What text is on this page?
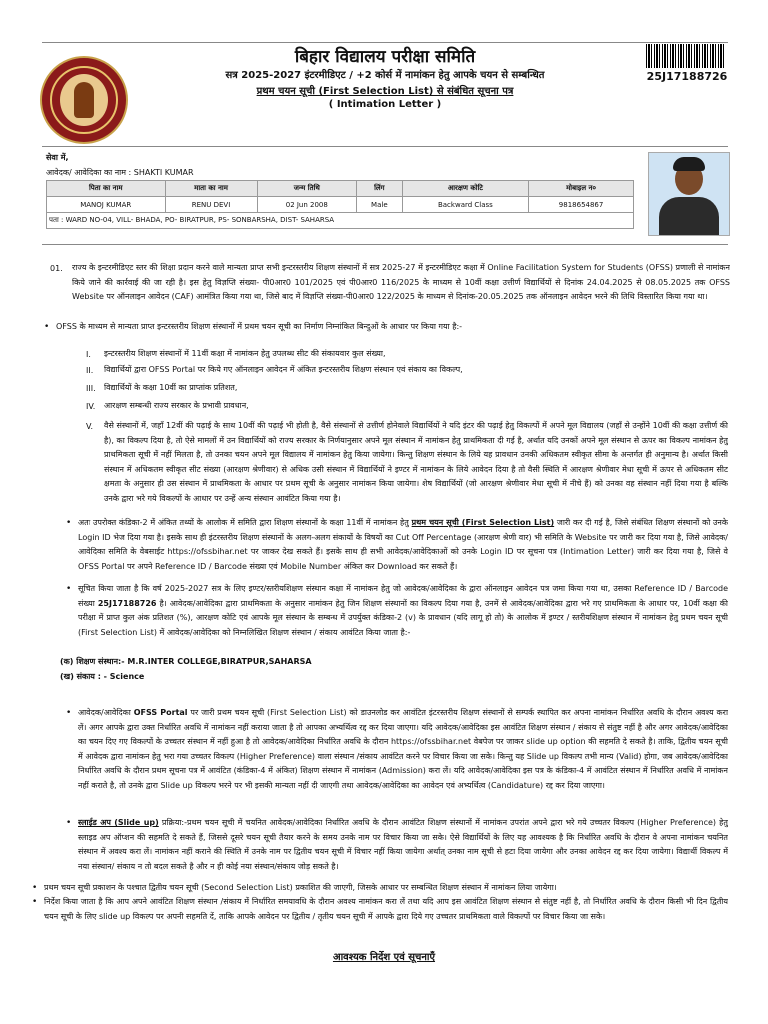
बिहार विद्यालय परीक्षा समिति
सत्र 2025-2027 इंटरमीडिएट / +2 कोर्स में नामांकन हेतु आपके चयन से सम्बन्धित
प्रथम चयन सूची (First Selection List) से संबंधित सूचना पत्र
( Intimation Letter )
25J17188726
सेवा में,
आवेदक/ आवेदिका का नाम : SHAKTI KUMAR
पिता का नाम	माता का नाम	जन्म तिथि	लिंग	आरक्षण कोटि	मोबाइल न०
MANOJ KUMAR	RENU DEVI	02 Jun 2008	Male	Backward Class	9818654867
पता : WARD NO-04, VILL- BHADA, PO- BIRATPUR, PS- SONBARSHA, DIST- SAHARSA					
01. राज्य के इन्टरमीडिएट स्तर की शिक्षा प्रदान करने वाले मान्यता प्राप्त सभी इन्टरस्तरीय शिक्षण संस्थानों में सत्र 2025-27 में इन्टरमीडिएट कक्षा में Online Facilitation System for Students (OFSS) प्रणाली से नामांकन किये जाने की कार्रवाई की जा रही है। इस हेतु विज्ञप्ति संख्या- पी0आर0 101/2025 एवं पी0आर0 116/2025 के माध्यम से 10वीं कक्षा उत्तीर्ण विद्यार्थियों से दिनांक 24.04.2025 से 08.05.2025 तक OFSS Website पर ऑनलाइन आवेदन (CAF) आमंत्रित किया गया था, जिसे बाद में विज्ञप्ति संख्या-पी0आर0 122/2025 के माध्यम से दिनांक-20.05.2025 तक ऑनलाइन आवेदन भरने की तिथि विस्तारित किया गया था।
• OFSS के माध्यम से मान्यता प्राप्त इन्टरस्तरीय शिक्षण संस्थानों में प्रथम चयन सूची का निर्माण निम्नांकित बिन्दुओं के आधार पर किया गया है:-
I. इन्टरस्तरीय शिक्षण संस्थानों में 11वीं कक्षा में नामांकन हेतु उपलब्ध सीट की संकायवार कुल संख्या,
II. विद्यार्थियों द्वारा OFSS Portal पर किये गए ऑनलाइन आवेदन में अंकित इन्टरस्तरीय शिक्षण संस्थान एवं संकाय का विकल्प,
III. विद्यार्थियों के कक्षा 10वीं का प्राप्तांक प्रतिशत,
IV. आरक्षण सम्बन्धी राज्य सरकार के प्रभावी प्रावधान,
V. वैसे संस्थानों में, जहाँ 12वीं की पढ़ाई के साथ 10वीं की पढ़ाई भी होती है, वैसे संस्थानों से उत्तीर्ण होनेवाले विद्यार्थियों ने यदि इंटर की पढ़ाई हेतु विकल्पों में अपने मूल विद्यालय (जहाँ से उन्होंने 10वीं की कक्षा उत्तीर्ण की है), का विकल्प दिया है, तो ऐसे मामलों में उन विद्यार्थियों को राज्य सरकार के निर्णयानुसार अपने मूल संस्थान में नामांकन हेतु प्राथमिकता दी गई है, अर्थात यदि उनकों अपने मूल संस्थान से ऊपर का विकल्प नामांकन हेतु प्राथमिकता सूची में नहीं मिलता है, तो उनका चयन अपने मूल विद्यालय में नामांकन हेतु किया जायेगा। किन्तु शिक्षण संस्थान के लिये यह प्रावधान उनकी अधिकतम स्वीकृत सीमा के अन्तर्गत ही अनुमान्य है। अर्थात किसी संस्थान में अधिकतम स्वीकृत सीट संख्या (आरक्षण श्रेणीवार) से अधिक उसी संस्थान में विद्यार्थियों ने इण्टर में नामांकन के लिये आवेदन दिया है तो वैसी स्थिति में आरक्षण श्रेणीवार मेधा सूची में ऊपर से अधिकतम सीट क्षमता के अनुसार ही उस संस्थान में प्राथमिकता के आधार पर प्रथम सूची के अनुसार नामांकन किया जायेगा। शेष विद्यार्थियों (जो आरक्षण श्रेणीवार मेधा सूची में नीचे हैं) को उनका वह संस्थान नहीं दिया गया है बल्कि उनके द्वारा भरे गये विकल्पों के आधार पर उन्हें अन्य संस्थान आवंटित किया गया है।
• अतः उपरोक्त कंडिका-2 में अंकित तथ्यों के आलोक में समिति द्वारा शिक्षण संस्थानों के कक्षा 11वीं में नामांकन हेतु प्रथम चयन सूची (First Selection List) जारी कर दी गई है, जिसे संबंधित शिक्षण संस्थानों को उनके Login ID भेज दिया गया है। इसके साथ ही इंटरस्तरीय शिक्षण संस्थानों के अलग-अलग संकायों के विषयों का Cut Off Percentage (आरक्षण श्रेणी वार) भी समिति के Website पर जारी कर दिया गया है, जिसे आवेदक/आवेदिका समिति के वेबसाईट https://ofssbihar.net पर जाकर देख सकते हैं। इसके साथ ही सभी आवेदक/आवेदिकाओं को उनके Login ID पर सूचना पत्र (Intimation Letter) जारी कर दिया गया है, जिसे वे OFSS Portal पर अपने Reference ID / Barcode संख्या एवं Mobile Number अंकित कर Download कर सकते हैं।
• सूचित किया जाता है कि वर्ष 2025-2027 सत्र के लिए इण्टर/स्तरीयशिक्षण संस्थान कक्षा में नामांकन हेतु जो आवेदक/आवेदिका के द्वारा ऑनलाइन आवेदन पत्र जमा किया गया था, उसका Reference ID / Barcode संख्या 25J17188726 है। आवेदक/आवेदिका द्वारा प्राथमिकता के अनुसार नामांकन हेतु जिन शिक्षण संस्थानों का विकल्प दिया गया है, उनमें से आवेदक/आवेदिका द्वारा भरे गए प्राथमिकता के आधार पर, 10वीं कक्षा की परीक्षा में प्राप्त कुल अंक प्रतिशत (%), आरक्षण कोटि एवं आपके मूल संस्थान के सम्बन्ध में उपर्युक्त कंडिका-2 (v) के प्रावधान (यदि लागू हो तो) के आलोक में इण्टर / स्तरीयशिक्षण संस्थान में नामांकन हेतु प्रथम चयन सूची (First Selection List) में आवेदक/आवेदिका को निम्नलिखित शिक्षण संस्थान / संकाय आवंटित किया जाता है:-
(क) शिक्षण संस्थान:- M.R.INTER COLLEGE,BIRATPUR,SAHARSA
(ख) संकाय : - Science
• आवेदक/आवेदिका OFSS Portal पर जारी प्रथम चयन सूची (First Selection List) को डाउनलोड कर आवंटित इंटरस्तरीय शिक्षण संस्थानों से सम्पर्क स्थापित कर अपना नामांकन निर्धारित अवधि के दौरान अवश्य करा लें। अगर आपके द्वारा उक्त निर्धारित अवधि में नामांकन नहीं कराया जाता है तो आपका अभ्यर्थित्व रद्द कर दिया जाएगा। यदि आवेदक/आवेदिका इस आवंटित शिक्षण संस्थान / संकाय से संतुष्ट नहीं है और अगर आवेदक/आवेदिका का चयन दिए गए विकल्पों के उच्चतर संस्थान में नहीं हुआ है तो आवेदक/आवेदिका निर्धारित अवधि के दौरान https://ofssbihar.net वेबपेज पर जाकर slide up option की सहमति दे सकते है। ताकि, द्वितीय चयन सूची में आवेदक द्वारा नामांकन हेतु भरा गया उच्चतर विकल्प (Higher Preference) वाला संस्थान /संकाय आवंटित करने पर विचार किया जा सके। किन्तु यह Slide up विकल्प तभी मान्य (Valid) होगा, जब आवेदक/आवेदिका निर्धारित अवधि के दौरान प्रथम सूचना पत्र में आवंटित (कंडिका-4 में अंकित) शिक्षण संस्थान में नामांकन (Admission) करा लें। यदि आवेदक/आवेदिका इस पत्र के कंडिका-4 में आवंटित संस्थान में निर्धारित अवधि में नामांकन नहीं कराते है, तो उनके द्वारा Slide up विकल्प भरने पर भी इसकी मान्यता नहीं दी जाएगी तथा आवेदक/आवेदिका का आवेदन एवं अभ्यर्थित्व (Candidature) रद्द कर दिया जाएगा।
• स्लाईड अप (Slide up) प्रक्रिया:-प्रथम चयन सूची में चयनित आवेदक/आवेदिका निर्धारित अवधि के दौरान आवंटित शिक्षण संस्थानों में नामांकन उपरांत अपने द्वारा भरे गये उच्चतर विकल्प (Higher Preference) हेतु स्लाइड अप ऑप्शन की सहमति दे सकते हैं, जिससे दूसरे चयन सूची तैयार करने के समय उनके नाम पर विचार किया जा सके। ऐसे विद्यार्थियों के लिए यह आवश्यक है कि निर्धारित अवधि के दौरान वे अपना नामांकन चयनित संस्थान में अवश्य करा लें। नामांकन नहीं कराने की स्थिति में उनके नाम पर द्वितीय चयन सूची में विचार नहीं किया जायेगा अर्थात् उनका नाम सूची से हटा दिया जायेगा और उनका आवेदन रद्द कर दिया जायेगा। विद्यार्थी विकल्प में नया संस्थान/ संकाय न तो बदल सकते है और न ही कोई नया संस्थान/संकाय जोड़ सकते है।
• प्रथम चयन सूची प्रकाशन के पश्चात द्वितीय चयन सूची (Second Selection List) प्रकाशित की जाएगी, जिसके आधार पर सम्बन्धित शिक्षण संस्थान में नामांकन लिया जायेगा।
• निर्देश किया जाता है कि आप अपने आवंटित शिक्षण संस्थान /संकाय में निर्धारित समयावधि के दौरान अवश्य नामांकन करा लें तथा यदि आप इस आवंटित शिक्षण संस्थान से संतुष्ट नहीं है, तो निर्धारित अवधि के दौरान किसी भी दिन द्वितीय चयन सूची के लिए slide up विकल्प पर अपनी सहमति दें, ताकि आपके आवेदन पर द्वितीय / तृतीय चयन सूची में आपके द्वारा दिये गए उच्चतर प्राथमिकता वाले विकल्पों पर विचार किया जा सके।
आवश्यक निर्देश एवं सूचनाएँ
